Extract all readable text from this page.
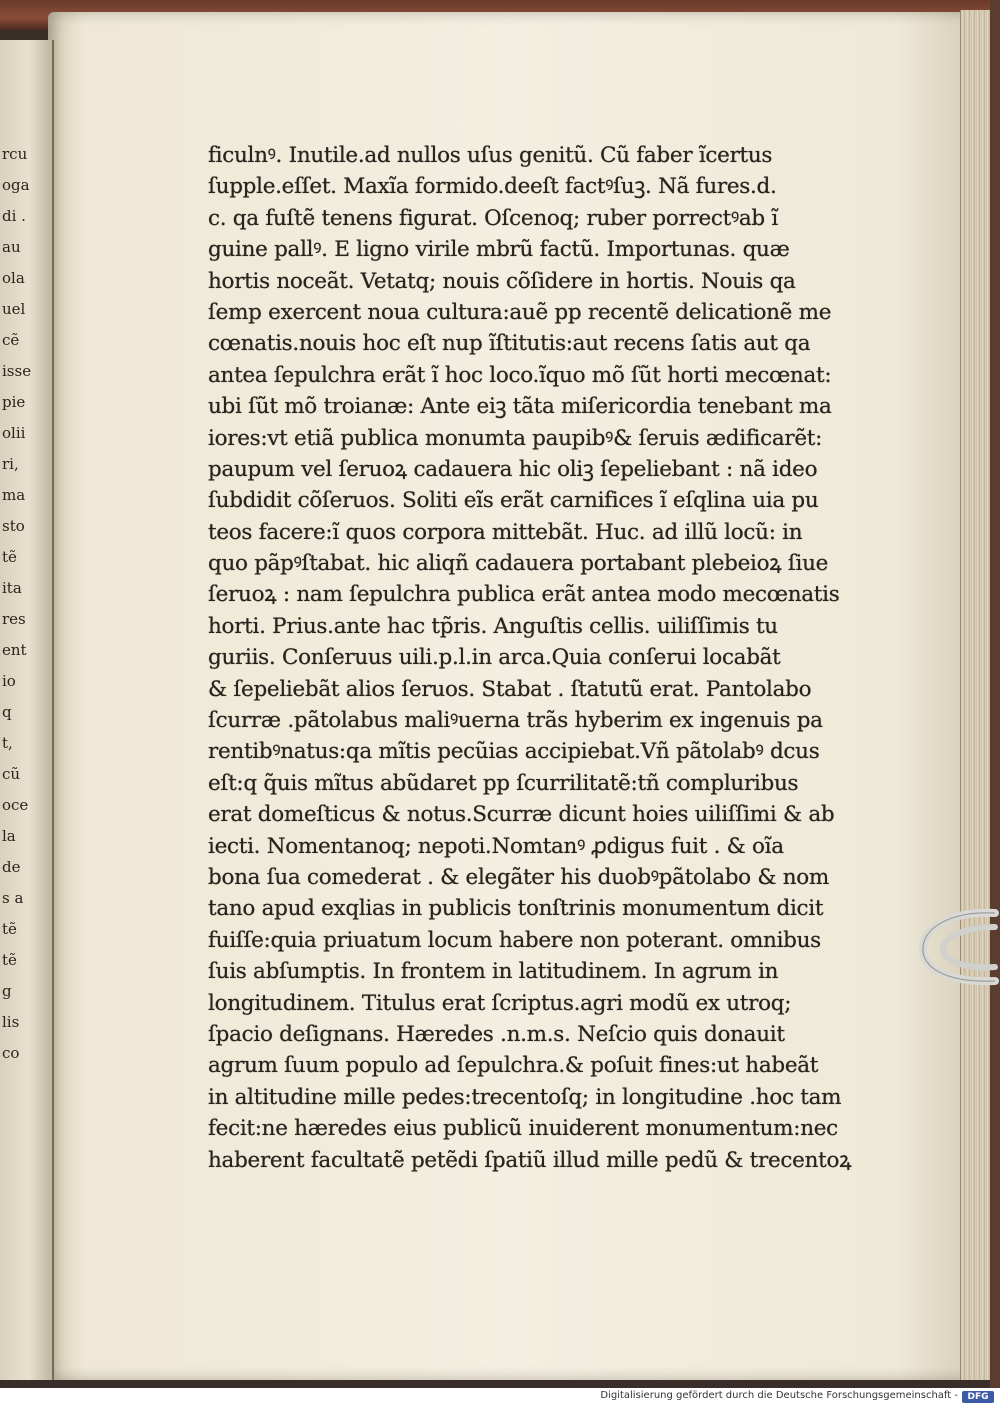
ficulnꝰ. Inutile.ad nullos uſus genitũ. Cũ faber ĩcertus
ſupple.eſſet. Maxĩa formido.deeſt factꝰſuꝫ. Nã fures.d.
c. qa fuſtẽ tenens figurat. Oſcenoq; ruber porrectꝰab ĩ
guine pallꝰ. E ligno virile mbrũ factũ. Importunas. quæ
hortis noceãt. Vetatq; nouis cõſidere in hortis. Nouis qa
ſemp exercent noua cultura:auẽ pp recentẽ delicationẽ me
cœnatis.nouis hoc eſt nup ĩſtitutis:aut recens ſatis aut qa
antea ſepulchra erãt ĩ hoc loco.ĩquo mõ ſũt horti mecœnat:
ubi ſũt mõ troianæ: Ante eiꝫ tãta miſericordia tenebant ma
iores:vt etiã publica monumta paupibꝰ& ſeruis ædificarẽt:
paupum vel ſeruoꝝ cadauera hic oliꝫ ſepeliebant : nã ideo
ſubdidit cõſeruos. Soliti eĩs erãt carnifices ĩ eſqlina uia pu
teos facere:ĩ quos corpora mittebãt. Huc. ad illũ locũ: in
quo pãpꝰſtabat. hic aliqñ cadauera portabant plebeioꝝ ſiue
ſeruoꝝ : nam ſepulchra publica erãt antea modo mecœnatis
horti. Prius.ante hac tp̃ris. Anguſtis cellis. uiliſſimis tu
guriis. Conſeruus uili.p.l.in arca.Quia conſerui locabãt
& ſepeliebãt alios ſeruos. Stabat . ſtatutũ erat. Pantolabo
ſcurræ .pãtolabus maliꝰuerna trãs hyberim ex ingenuis pa
rentibꝰnatus:qa mĩtis pecũias accipiebat.Vñ pãtolabꝰ dcus
eſt:q q̃uis mĩtus abũdaret pp ſcurrilitatẽ:tñ compluribus
erat domeſticus & notus.Scurræ dicunt hoies uiliſſimi & ab
iecti. Nomentanoq; nepoti.Nomtanꝰ ꝓdigus fuit . & oĩa
bona ſua comederat . & elegãter his duobꝰpãtolabo & nom
tano apud exqlias in publicis tonſtrinis monumentum dicit
fuiſſe:quia priuatum locum habere non poterant. omnibus
ſuis abſumptis. In frontem in latitudinem. In agrum in
longitudinem. Titulus erat ſcriptus.agri modũ ex utroq;
ſpacio deſignans. Hæredes .n.m.s. Neſcio quis donauit
agrum ſuum populo ad ſepulchra.& poſuit fines:ut habeãt
in altitudine mille pedes:trecentoſq; in longitudine .hoc tam
fecit:ne hæredes eius publicũ inuiderent monumentum:nec
haberent facultatẽ petẽdi ſpatiũ illud mille pedũ & trecentoꝝ
rcu
oga
di .
au
ola
uel
cẽ
isse
pie
olii
ri,
ma
sto
tẽ
ita
res
ent
io
q
t,
cũ
oce
la
de
s a
tẽ
tẽ
g
lis
co
Digitalisierung gefördert durch die Deutsche Forschungsgemeinschaft -	DFG
